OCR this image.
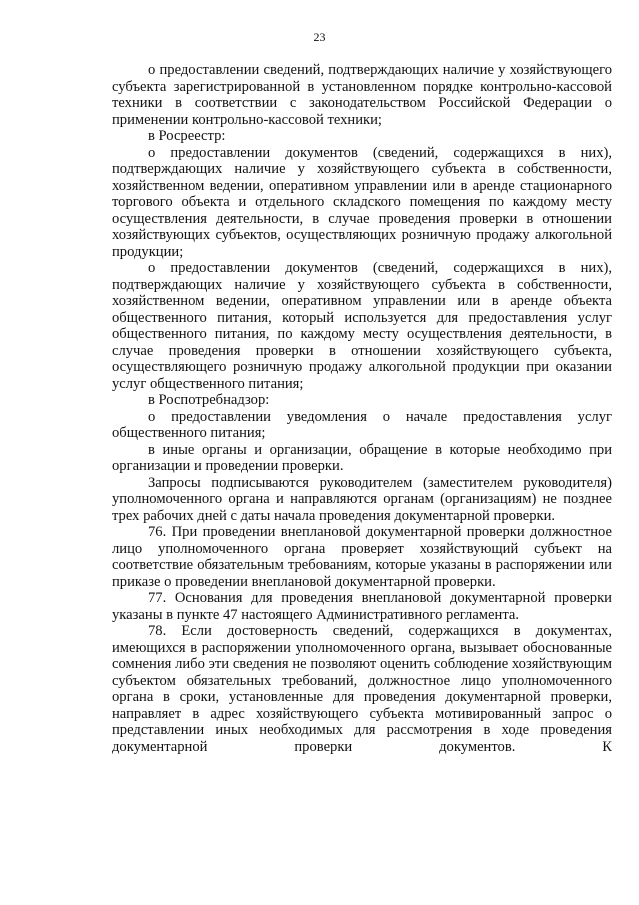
23

о предоставлении сведений, подтверждающих наличие у хозяйствующего субъекта зарегистрированной в установленном порядке контрольно-кассовой техники в соответствии с законодательством Российской Федерации о применении контрольно-кассовой техники;

в Росреестр:

о предоставлении документов (сведений, содержащихся в них), подтверждающих наличие у хозяйствующего субъекта в собственности, хозяйственном ведении, оперативном управлении или в аренде стационарного торгового объекта и отдельного складского помещения по каждому месту осуществления деятельности, в случае проведения проверки в отношении хозяйствующих субъектов, осуществляющих розничную продажу алкогольной продукции;

о предоставлении документов (сведений, содержащихся в них), подтверждающих наличие у хозяйствующего субъекта в собственности, хозяйственном ведении, оперативном управлении или в аренде объекта общественного питания, который используется для предоставления услуг общественного питания, по каждому месту осуществления деятельности, в случае проведения проверки в отношении хозяйствующего субъекта, осуществляющего розничную продажу алкогольной продукции при оказании услуг общественного питания;

в Роспотребнадзор:

о предоставлении уведомления о начале предоставления услуг общественного питания;

в иные органы и организации, обращение в которые необходимо при организации и проведении проверки.

Запросы подписываются руководителем (заместителем руководителя) уполномоченного органа и направляются органам (организациям) не позднее трех рабочих дней с даты начала проведения документарной проверки.

76. При проведении внеплановой документарной проверки должностное лицо уполномоченного органа проверяет хозяйствующий субъект на соответствие обязательным требованиям, которые указаны в распоряжении или приказе о проведении внеплановой документарной проверки.

77. Основания для проведения внеплановой документарной проверки указаны в пункте 47 настоящего Административного регламента.

78. Если достоверность сведений, содержащихся в документах, имеющихся в распоряжении уполномоченного органа, вызывает обоснованные сомнения либо эти сведения не позволяют оценить соблюдение хозяйствующим субъектом обязательных требований, должностное лицо уполномоченного органа в сроки, установленные для проведения документарной проверки, направляет в адрес хозяйствующего субъекта мотивированный запрос о представлении иных необходимых для рассмотрения в ходе проведения документарной проверки документов. К
